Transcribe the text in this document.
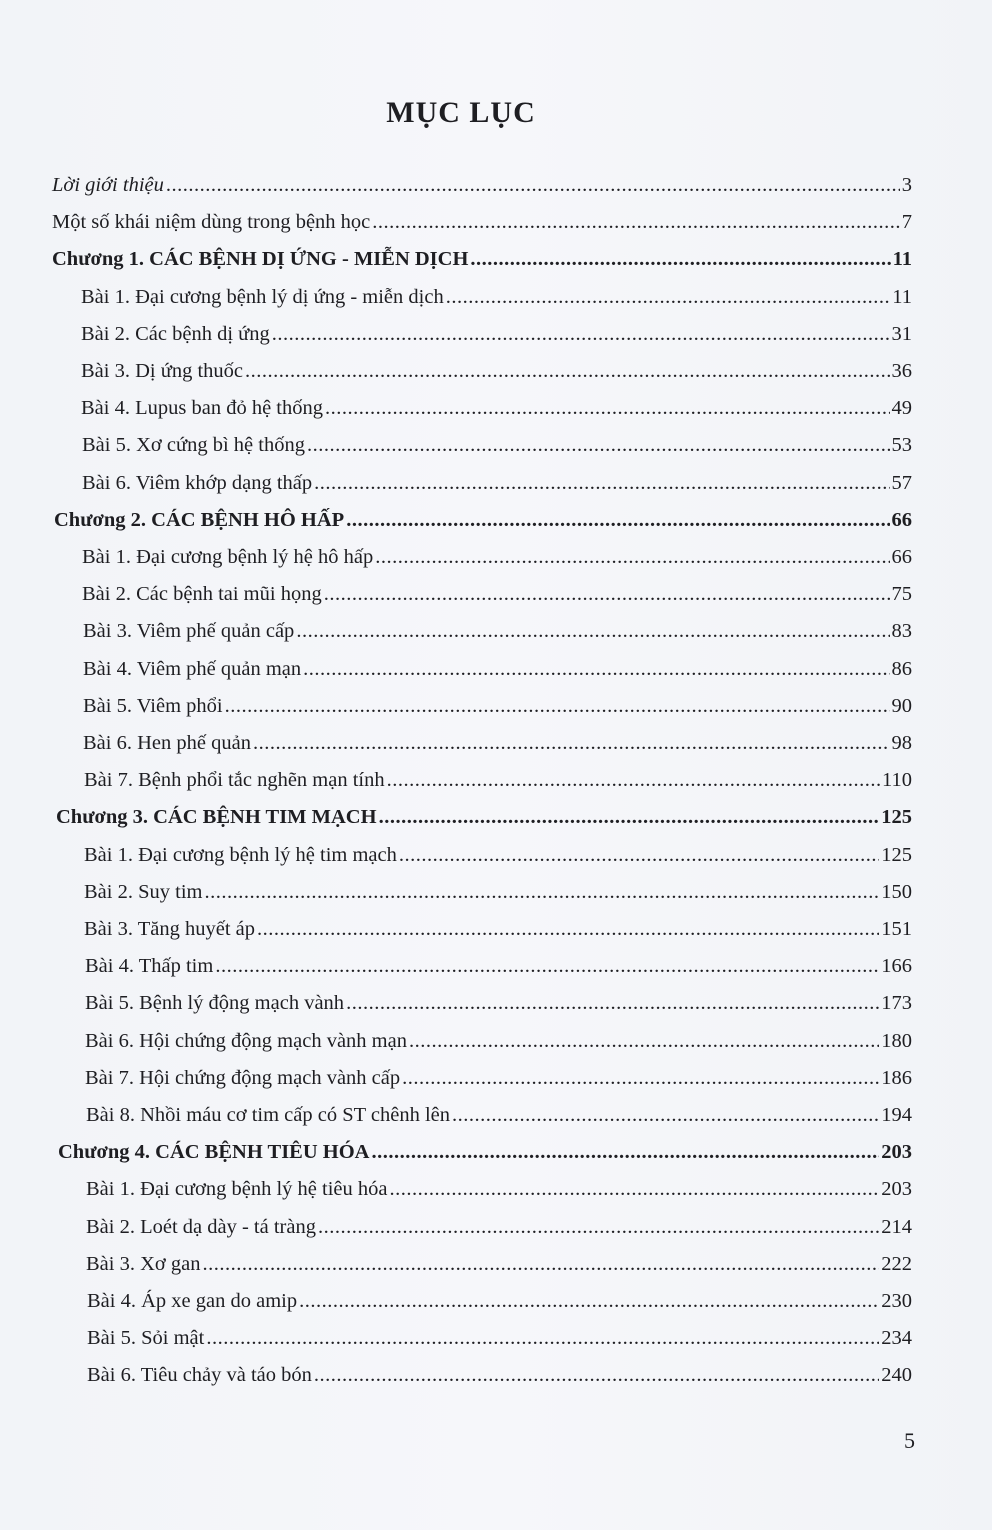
MỤC LỤC
Lời giới thiệu .....	3
Một số khái niệm dùng trong bệnh học .....	7
Chương 1. CÁC BỆNH DỊ ỨNG - MIỄN DỊCH .....	11
Bài 1. Đại cương bệnh lý dị ứng - miễn dịch .....	11
Bài 2. Các bệnh dị ứng .....	31
Bài 3. Dị ứng thuốc .....	36
Bài 4. Lupus ban đỏ hệ thống .....	49
Bài 5. Xơ cứng bì hệ thống .....	53
Bài 6. Viêm khớp dạng thấp .....	57
Chương 2. CÁC BỆNH HÔ HẤP .....	66
Bài 1. Đại cương bệnh lý hệ hô hấp .....	66
Bài 2. Các bệnh tai mũi họng .....	75
Bài 3. Viêm phế quản cấp .....	83
Bài 4. Viêm phế quản mạn .....	86
Bài 5. Viêm phổi .....	90
Bài 6. Hen phế quản .....	98
Bài 7. Bệnh phổi tắc nghẽn mạn tính .....	110
Chương 3. CÁC BỆNH TIM MẠCH .....	125
Bài 1. Đại cương bệnh lý hệ tim mạch .....	125
Bài 2. Suy tim .....	150
Bài 3. Tăng huyết áp .....	151
Bài 4. Thấp tim .....	166
Bài 5. Bệnh lý động mạch vành .....	173
Bài 6. Hội chứng động mạch vành mạn .....	180
Bài 7. Hội chứng động mạch vành cấp .....	186
Bài 8. Nhồi máu cơ tim cấp có ST chênh lên .....	194
Chương 4. CÁC BỆNH TIÊU HÓA .....	203
Bài 1. Đại cương bệnh lý hệ tiêu hóa .....	203
Bài 2. Loét dạ dày - tá tràng .....	214
Bài 3. Xơ gan .....	222
Bài 4. Áp xe gan do amip .....	230
Bài 5. Sỏi mật .....	234
Bài 6. Tiêu chảy và táo bón .....	240
5
